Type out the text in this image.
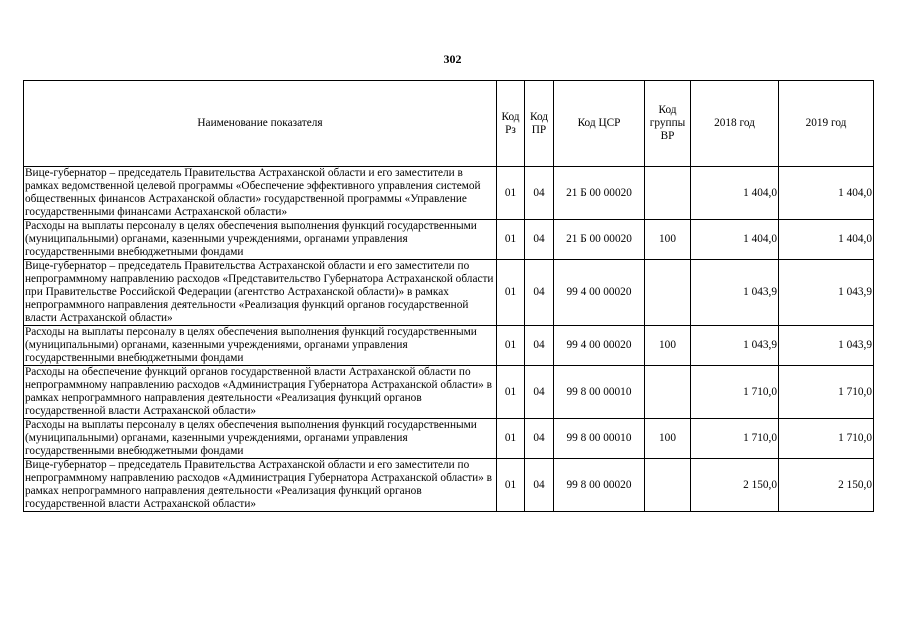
302
Наименование показателя	Код Рз	Код ПР	Код ЦСР	Код группы ВР	2018 год	2019 год
Вице-губернатор – председатель Правительства Астраханской области и его заместители в рамках ведомственной целевой программы «Обеспечение эффективного управления системой общественных финансов Астраханской области» государственной программы «Управление государственными финансами Астраханской области»	01	04	21 Б 00 00020		1 404,0	1 404,0
Расходы на выплаты персоналу в целях обеспечения выполнения функций государственными (муниципальными) органами, казенными учреждениями, органами управления государственными внебюджетными фондами	01	04	21 Б 00 00020	100	1 404,0	1 404,0
Вице-губернатор – председатель Правительства Астраханской области и его заместители по непрограммному направлению расходов «Представительство Губернатора Астраханской области при Правительстве Российской Федерации (агентство Астраханской области)» в рамках непрограммного направления деятельности «Реализация функций органов государственной власти Астраханской области»	01	04	99 4 00 00020		1 043,9	1 043,9
Расходы на выплаты персоналу в целях обеспечения выполнения функций государственными (муниципальными) органами, казенными учреждениями, органами управления государственными внебюджетными фондами	01	04	99 4 00 00020	100	1 043,9	1 043,9
Расходы на обеспечение функций органов государственной власти Астраханской области по непрограммному направлению расходов «Администрация Губернатора Астраханской области» в рамках непрограммного направления деятельности «Реализация функций органов государственной власти Астраханской области»	01	04	99 8 00 00010		1 710,0	1 710,0
Расходы на выплаты персоналу в целях обеспечения выполнения функций государственными (муниципальными) органами, казенными учреждениями, органами управления государственными внебюджетными фондами	01	04	99 8 00 00010	100	1 710,0	1 710,0
Вице-губернатор – председатель Правительства Астраханской области и его заместители по непрограммному направлению расходов «Администрация Губернатора Астраханской области» в рамках непрограммного направления деятельности «Реализация функций органов государственной власти Астраханской области»	01	04	99 8 00 00020		2 150,0	2 150,0
